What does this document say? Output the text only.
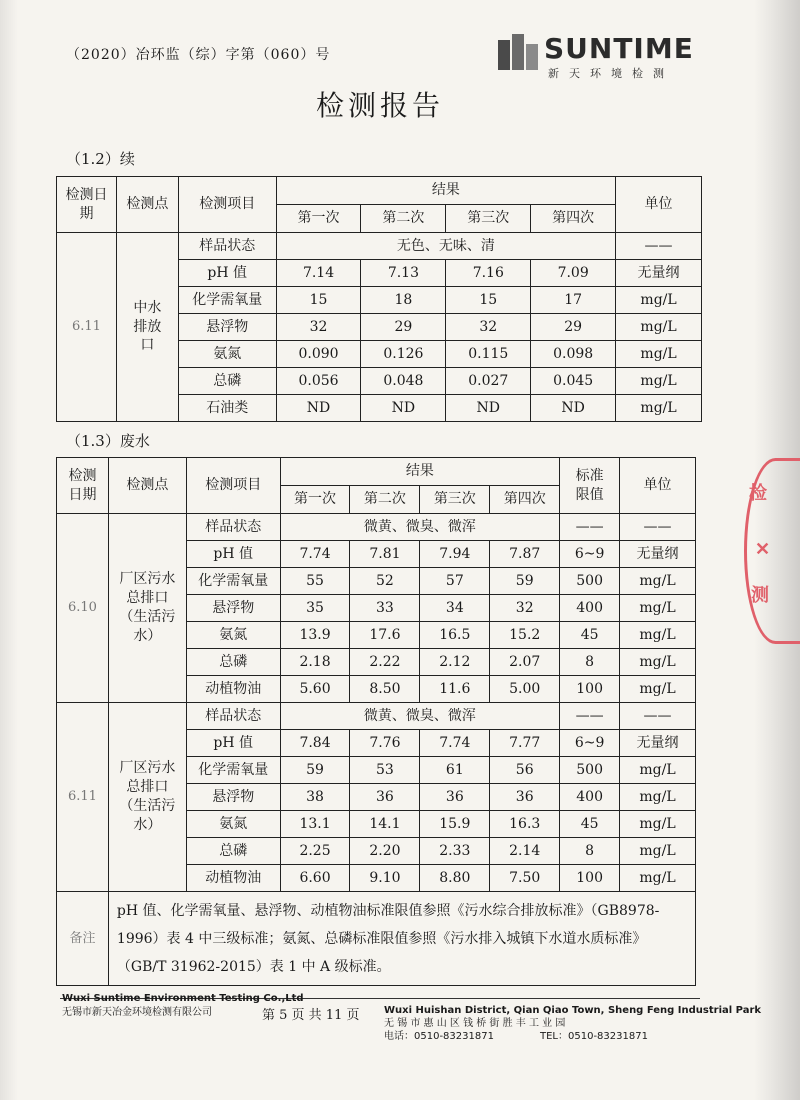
（2020）冶环监（综）字第（060）号	SUNTIME
新天环境检测
检测报告
（1.2）续
检测日期	检测点	检测项目	结果				单位
			第一次	第二次	第三次	第四次	
6.11	中水排放口	样品状态	无色、无味、清				——
		pH 值	7.14	7.13	7.16	7.09	无量纲
		化学需氧量	15	18	15	17	mg/L
		悬浮物	32	29	32	29	mg/L
		氨氮	0.090	0.126	0.115	0.098	mg/L
		总磷	0.056	0.048	0.027	0.045	mg/L
		石油类	ND	ND	ND	ND	mg/L
（1.3）废水
检测日期	检测点	检测项目	结果				标准限值	单位
			第一次	第二次	第三次	第四次		
6.10	厂区污水总排口（生活污水）	样品状态	微黄、微臭、微浑				——	——
		pH 值	7.74	7.81	7.94	7.87	6~9	无量纲
		化学需氧量	55	52	57	59	500	mg/L
		悬浮物	35	33	34	32	400	mg/L
		氨氮	13.9	17.6	16.5	15.2	45	mg/L
		总磷	2.18	2.22	2.12	2.07	8	mg/L
		动植物油	5.60	8.50	11.6	5.00	100	mg/L
6.11	厂区污水总排口（生活污水）	样品状态	微黄、微臭、微浑				——	——
		pH 值	7.84	7.76	7.74	7.77	6~9	无量纲
		化学需氧量	59	53	61	56	500	mg/L
		悬浮物	38	36	36	36	400	mg/L
		氨氮	13.1	14.1	15.9	16.3	45	mg/L
		总磷	2.25	2.20	2.33	2.14	8	mg/L
		动植物油	6.60	9.10	8.80	7.50	100	mg/L
备注	pH 值、化学需氧量、悬浮物、动植物油标准限值参照《污水综合排放标准》（GB8978-1996）表 4 中三级标准；氨氮、总磷标准限值参照《污水排入城镇下水道水质标准》（GB/T 31962-2015）表 1 中 A 级标准。							
检
✕
测
Wuxi Suntime Environment Testing Co.,Ltd
无锡市新天冶金环境检测有限公司	第 5 页 共 11 页 Wuxi Huishan District, Qian Qiao Town, Sheng Feng Industrial Park
无 锡 市 惠 山 区 钱 桥 街 胜 丰 工 业 园
电话：0510-83231871	TEL：0510-83231871
